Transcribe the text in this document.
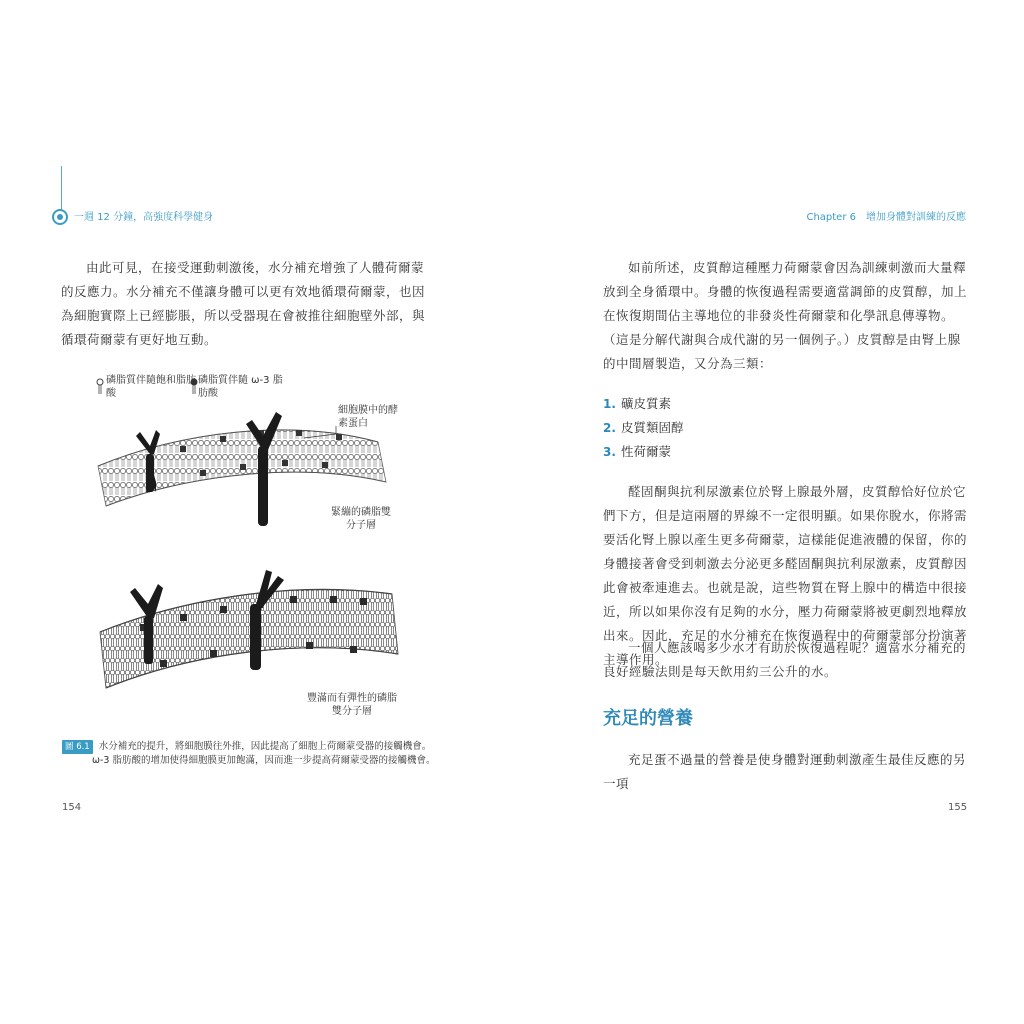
一週 12 分鐘，高強度科學健身	Chapter 6 增加身體對訓練的反應

由此可見，在接受運動刺激後，水分補充增強了人體荷爾蒙的反應力。水分補充不僅讓身體可以更有效地循環荷爾蒙，也因為細胞實際上已經膨脹，所以受器現在會被推往細胞壁外部，與循環荷爾蒙有更好地互動。

磷脂質伴隨飽和脂肪酸
磷脂質伴隨 ω-3 脂肪酸
細胞膜中的酵素蛋白
緊繃的磷脂雙分子層
豐滿而有彈性的磷脂雙分子層
圖 6.1 水分補充的提升，將細胞膜往外推，因此提高了細胞上荷爾蒙受器的接觸機會。
ω-3 脂肪酸的增加使得細胞膜更加飽滿，因而進一步提高荷爾蒙受器的接觸機會。
154

如前所述，皮質醇這種壓力荷爾蒙會因為訓練刺激而大量釋放到全身循環中。身體的恢復過程需要適當調節的皮質醇，加上在恢復期間佔主導地位的非發炎性荷爾蒙和化學訊息傳導物。（這是分解代謝與合成代謝的另一個例子。）皮質醇是由腎上腺的中間層製造，又分為三類：

1. 礦皮質素
2. 皮質類固醇
3. 性荷爾蒙

醛固酮與抗利尿激素位於腎上腺最外層，皮質醇恰好位於它們下方，但是這兩層的界線不一定很明顯。如果你脫水，你將需要活化腎上腺以產生更多荷爾蒙，這樣能促進液體的保留，你的身體接著會受到刺激去分泌更多醛固酮與抗利尿激素，皮質醇因此會被牽連進去。也就是說，這些物質在腎上腺中的構造中很接近，所以如果你沒有足夠的水分，壓力荷爾蒙將被更劇烈地釋放出來。因此，充足的水分補充在恢復過程中的荷爾蒙部分扮演著主導作用。

一個人應該喝多少水才有助於恢復過程呢？適當水分補充的良好經驗法則是每天飲用約三公升的水。

充足的營養

充足蛋不過量的營養是使身體對運動刺激產生最佳反應的另一項

155
